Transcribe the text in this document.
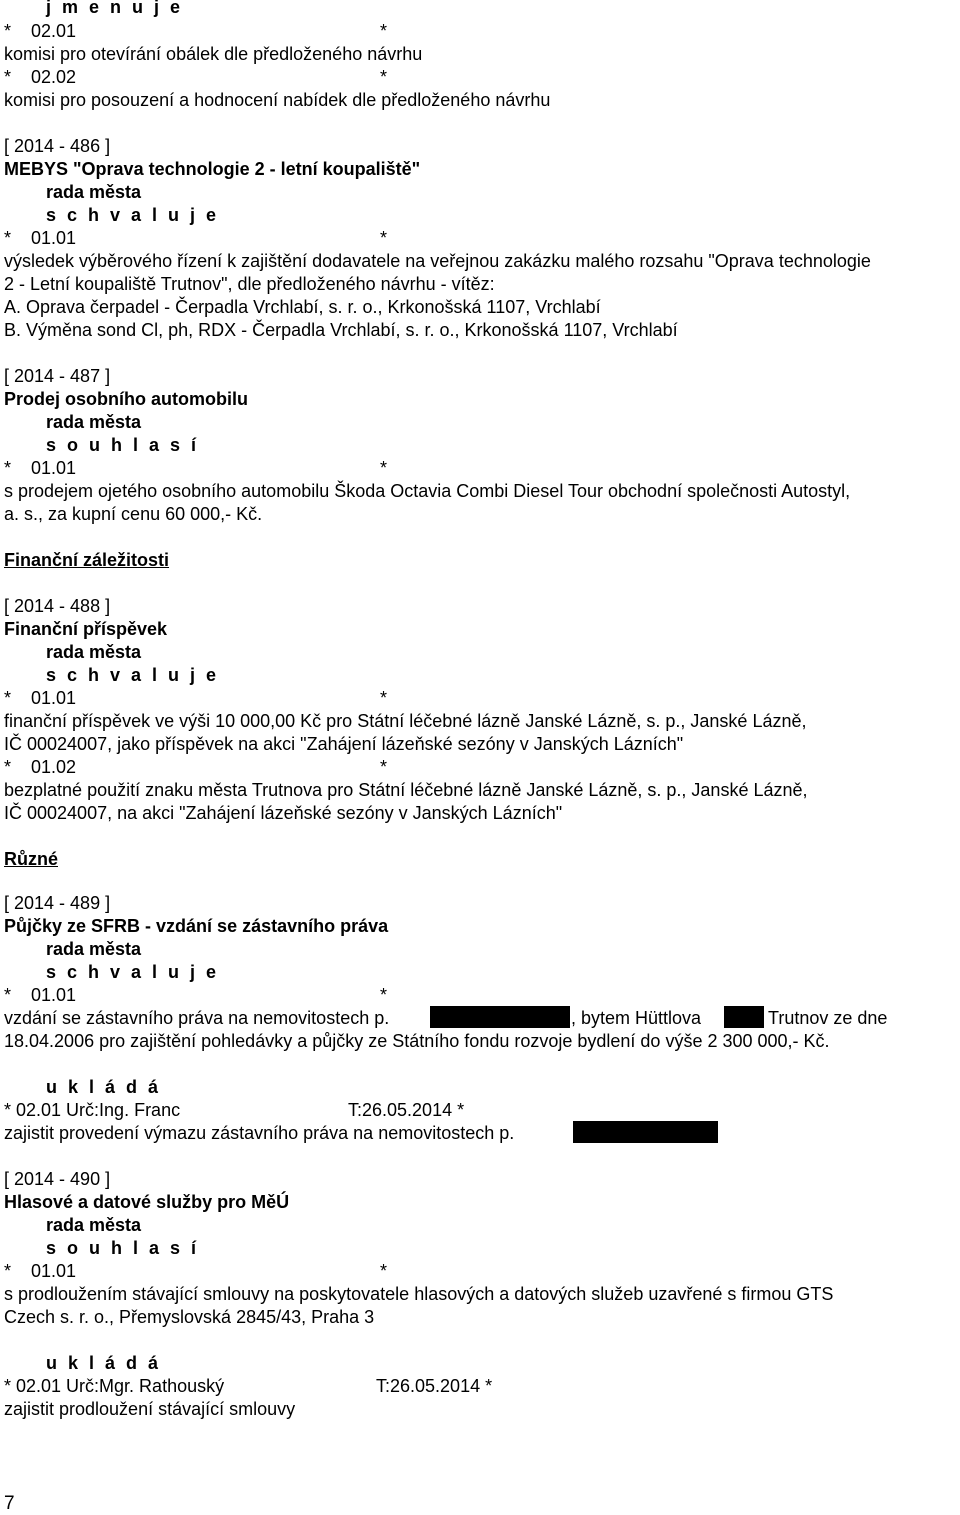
j m e n u j e
*    02.01	*
komisi pro otevírání obálek dle předloženého návrhu
*    02.02	*
komisi pro posouzení a hodnocení nabídek dle předloženého návrhu
[ 2014 - 486 ]
MEBYS "Oprava technologie 2 - letní koupaliště"
rada města
s c h v a l u j e
*    01.01	*
výsledek výběrového řízení k zajištění dodavatele na veřejnou zakázku malého rozsahu "Oprava technologie
2 - Letní koupaliště Trutnov", dle předloženého návrhu - vítěz:
A. Oprava čerpadel - Čerpadla Vrchlabí, s. r. o., Krkonošská 1107, Vrchlabí
B. Výměna sond Cl, ph, RDX - Čerpadla Vrchlabí, s. r. o., Krkonošská 1107, Vrchlabí
[ 2014 - 487 ]
Prodej osobního automobilu
rada města
s o u h l a s í
*    01.01	*
s prodejem ojetého osobního automobilu Škoda Octavia Combi Diesel Tour obchodní společnosti Autostyl,
a. s., za kupní cenu 60 000,- Kč.
Finanční záležitosti
[ 2014 - 488 ]
Finanční příspěvek
rada města
s c h v a l u j e
*    01.01	*
finanční příspěvek ve výši 10 000,00 Kč pro Státní léčebné lázně Janské Lázně, s. p., Janské Lázně,
IČ 00024007, jako příspěvek na akci "Zahájení lázeňské sezóny v Janských Lázních"
*    01.02	*
bezplatné použití znaku města Trutnova pro Státní léčebné lázně Janské Lázně, s. p., Janské Lázně,
IČ 00024007, na akci "Zahájení lázeňské sezóny v Janských Lázních"
Různé
[ 2014 - 489 ]
Půjčky ze SFRB - vzdání se zástavního práva
rada města
s c h v a l u j e
*    01.01	*
vzdání se zástavního práva na nemovitostech p.	, bytem Hüttlova	Trutnov ze dne
18.04.2006 pro zajištění pohledávky a půjčky ze Státního fondu rozvoje bydlení do výše 2 300 000,- Kč.
u k l á d á
* 02.01 Urč:Ing. Franc	T:26.05.2014 *
zajistit provedení výmazu zástavního práva na nemovitostech p.
[ 2014 - 490 ]
Hlasové a datové služby pro MěÚ
rada města
s o u h l a s í
*    01.01	*
s prodloužením stávající smlouvy na poskytovatele hlasových a datových služeb uzavřené s firmou GTS
Czech s. r. o., Přemyslovská 2845/43, Praha 3
u k l á d á
* 02.01 Urč:Mgr. Rathouský	T:26.05.2014 *
zajistit prodloužení stávající smlouvy
7
